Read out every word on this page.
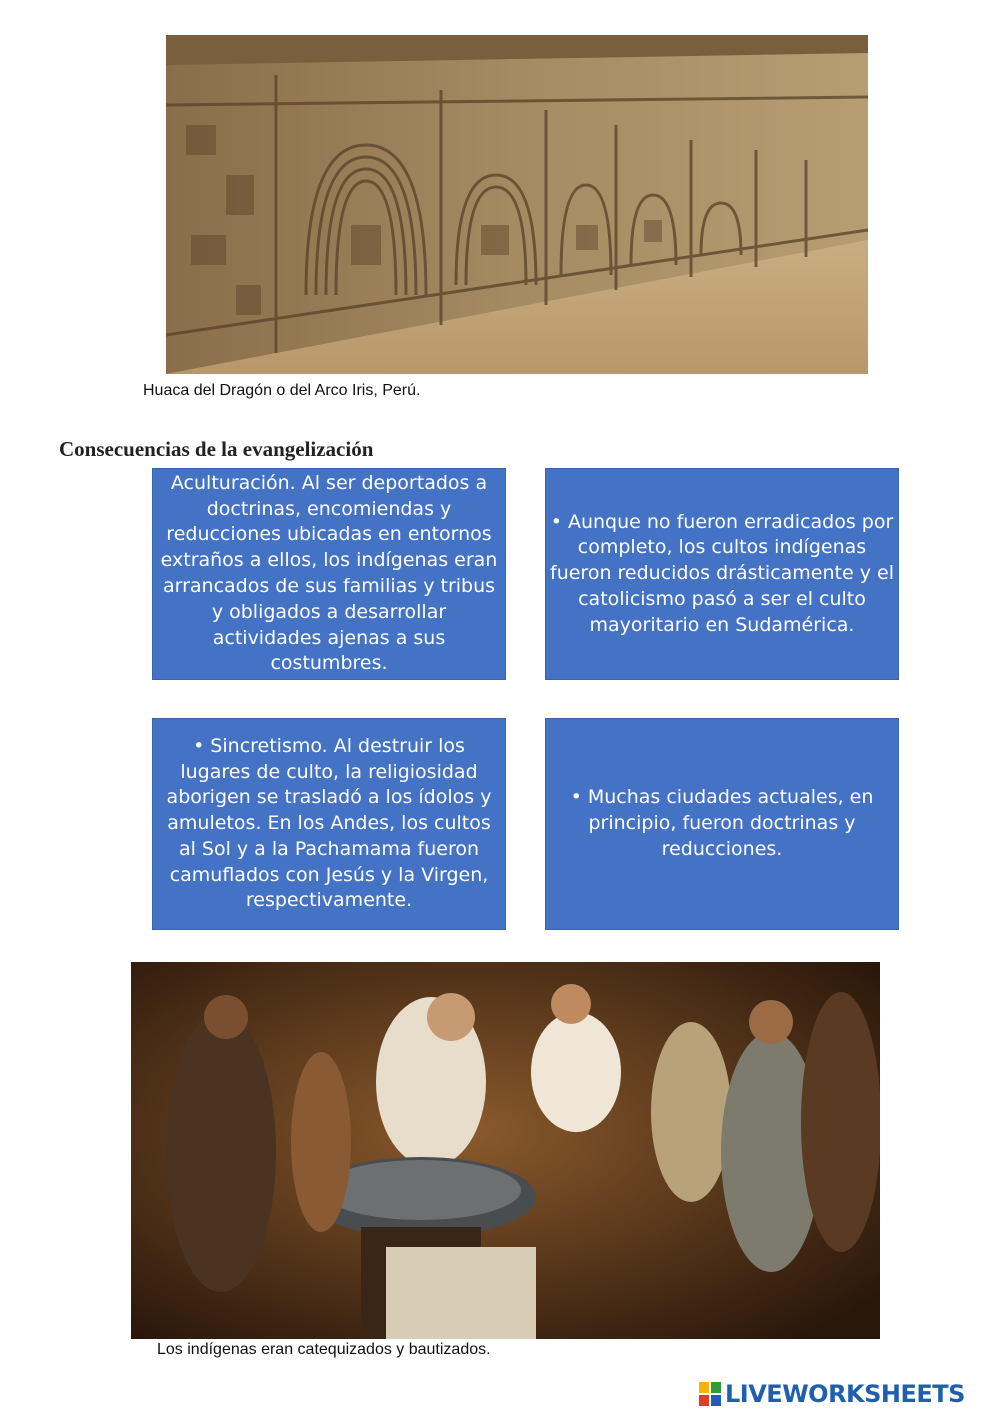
Huaca del Dragón o del Arco Iris, Perú.
Consecuencias de la evangelización
Aculturación. Al ser deportados a doctrinas, encomiendas y reducciones ubicadas en entornos extraños a ellos, los indígenas eran arrancados de sus familias y tribus y obligados a desarrollar actividades ajenas a sus costumbres.
• Aunque no fueron erradicados por completo, los cultos indígenas fueron reducidos drásticamente y el catolicismo pasó a ser el culto mayoritario en Sudamérica.
• Sincretismo. Al destruir los lugares de culto, la religiosidad aborigen se trasladó a los ídolos y amuletos. En los Andes, los cultos al Sol y a la Pachamama fueron camuflados con Jesús y la Virgen, respectivamente.
• Muchas ciudades actuales, en principio, fueron doctrinas y reducciones.
Los indígenas eran catequizados y bautizados.
LIVEWORKSHEETS
